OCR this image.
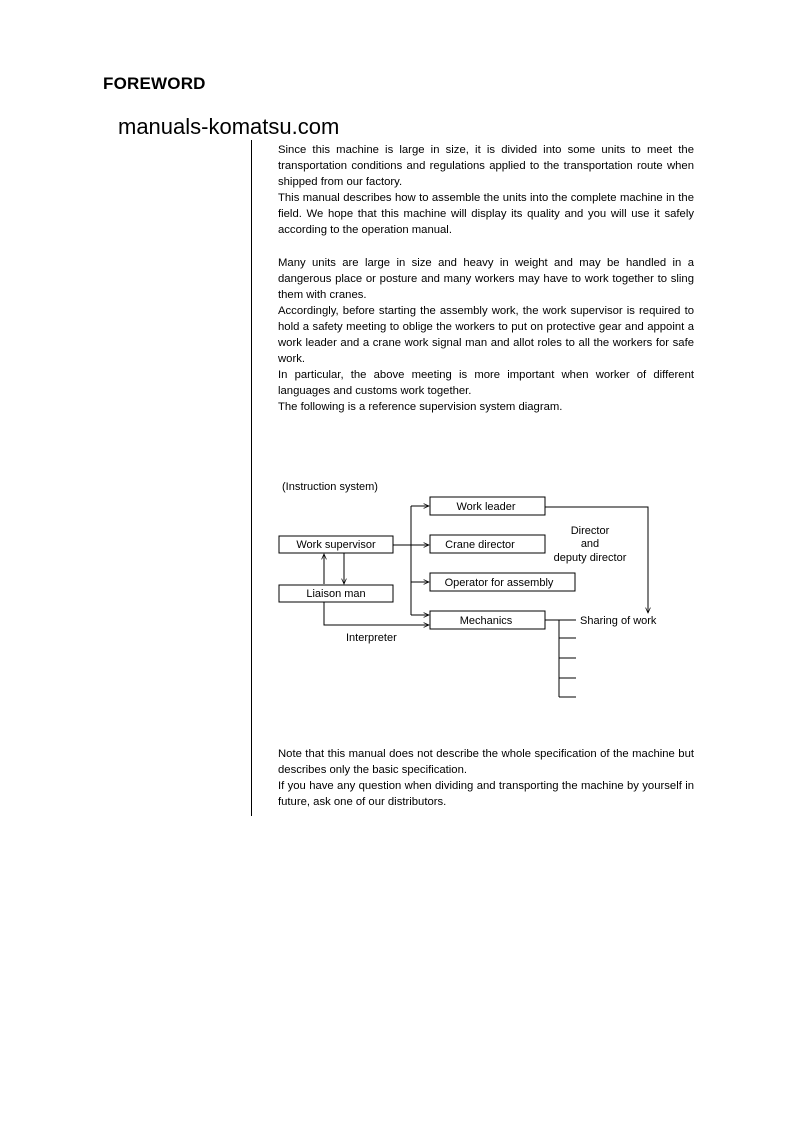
FOREWORD
manuals-komatsu.com

Since this machine is large in size, it is divided into some units to meet the transportation conditions and regulations applied to the transportation route when shipped from our factory.

This manual describes how to assemble the units into the complete machine in the field. We hope that this machine will display its quality and you will use it safely according to the operation manual.

Many units are large in size and heavy in weight and may be handled in a dangerous place or posture and many workers may have to work together to sling them with cranes.

Accordingly, before starting the assembly work, the work supervisor is required to hold a safety meeting to oblige the workers to put on protective gear and appoint a work leader and a crane work signal man and allot roles to all the workers for safe work.

In particular, the above meeting is more important when worker of different languages and customs work together.

The following is a reference supervision system diagram.

(Instruction system)
Work supervisor
Liaison man
Work leader
Crane director
Operator for assembly
Mechanics
Interpreter
Director
and
deputy director
Sharing of work

Note that this manual does not describe the whole specification of the machine but describes only the basic specification.

If you have any question when dividing and transporting the machine by yourself in future, ask one of our distributors.
